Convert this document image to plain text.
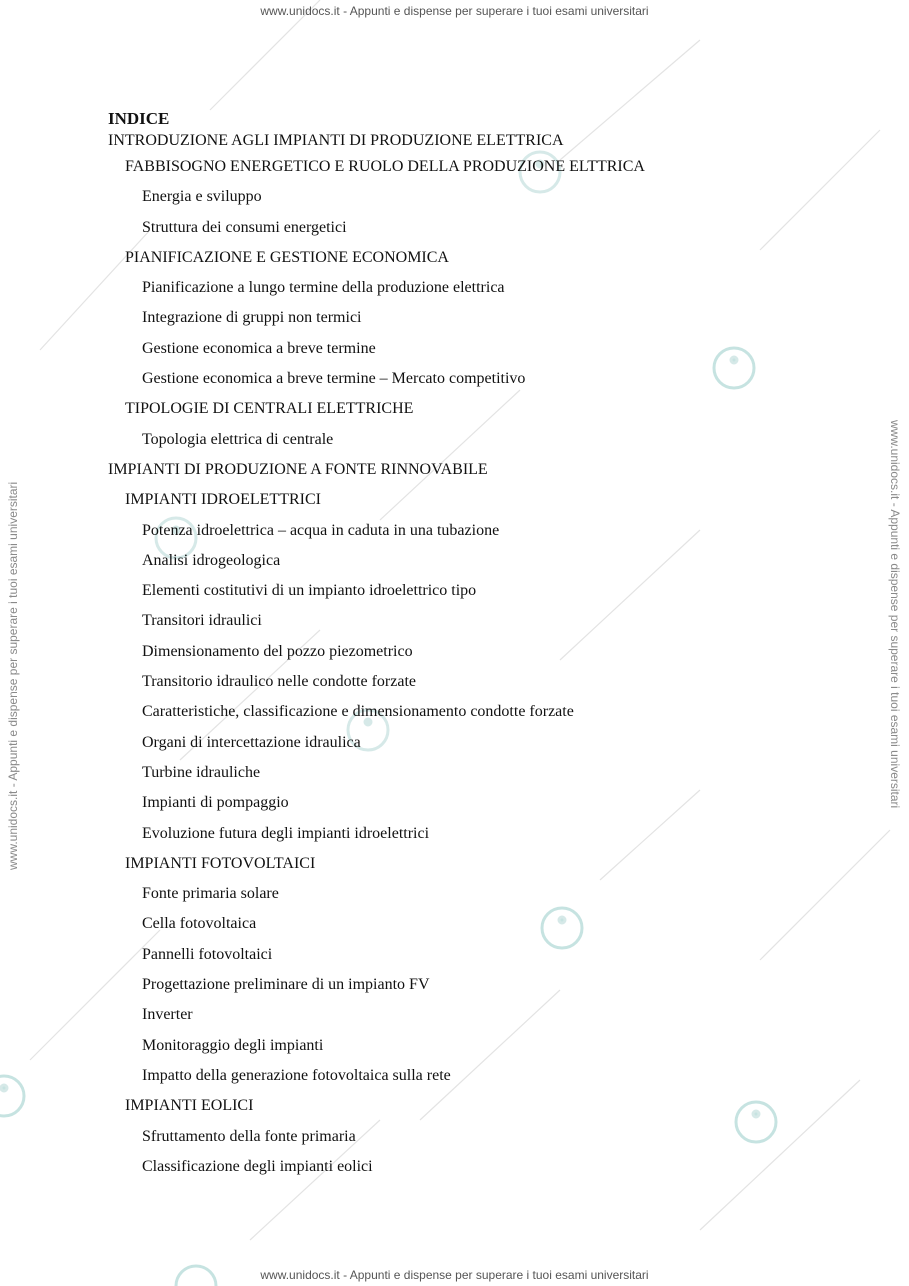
www.unidocs.it - Appunti e dispense per superare i tuoi esami universitari
www.unidocs.it - Appunti e dispense per superare i tuoi esami universitari
www.unidocs.it - Appunti e dispense per superare i tuoi esami universitari	www.unidocs.it - Appunti e dispense per superare i tuoi esami universitari
INDICE
INTRODUZIONE AGLI IMPIANTI DI PRODUZIONE ELETTRICA
FABBISOGNO ENERGETICO E RUOLO DELLA PRODUZIONE ELTTRICA
Energia e sviluppo
Struttura dei consumi energetici
PIANIFICAZIONE E GESTIONE ECONOMICA
Pianificazione a lungo termine della produzione elettrica
Integrazione di gruppi non termici
Gestione economica a breve termine
Gestione economica a breve termine – Mercato competitivo
TIPOLOGIE DI CENTRALI ELETTRICHE
Topologia elettrica di centrale
IMPIANTI DI PRODUZIONE A FONTE RINNOVABILE
IMPIANTI IDROELETTRICI
Potenza idroelettrica – acqua in caduta in una tubazione
Analisi idrogeologica
Elementi costitutivi di un impianto idroelettrico tipo
Transitori idraulici
Dimensionamento del pozzo piezometrico
Transitorio idraulico nelle condotte forzate
Caratteristiche, classificazione e dimensionamento condotte forzate
Organi di intercettazione idraulica
Turbine idrauliche
Impianti di pompaggio
Evoluzione futura degli impianti idroelettrici
IMPIANTI FOTOVOLTAICI
Fonte primaria solare
Cella fotovoltaica
Pannelli fotovoltaici
Progettazione preliminare di un impianto FV
Inverter
Monitoraggio degli impianti
Impatto della generazione fotovoltaica sulla rete
IMPIANTI EOLICI
Sfruttamento della fonte primaria
Classificazione degli impianti eolici
